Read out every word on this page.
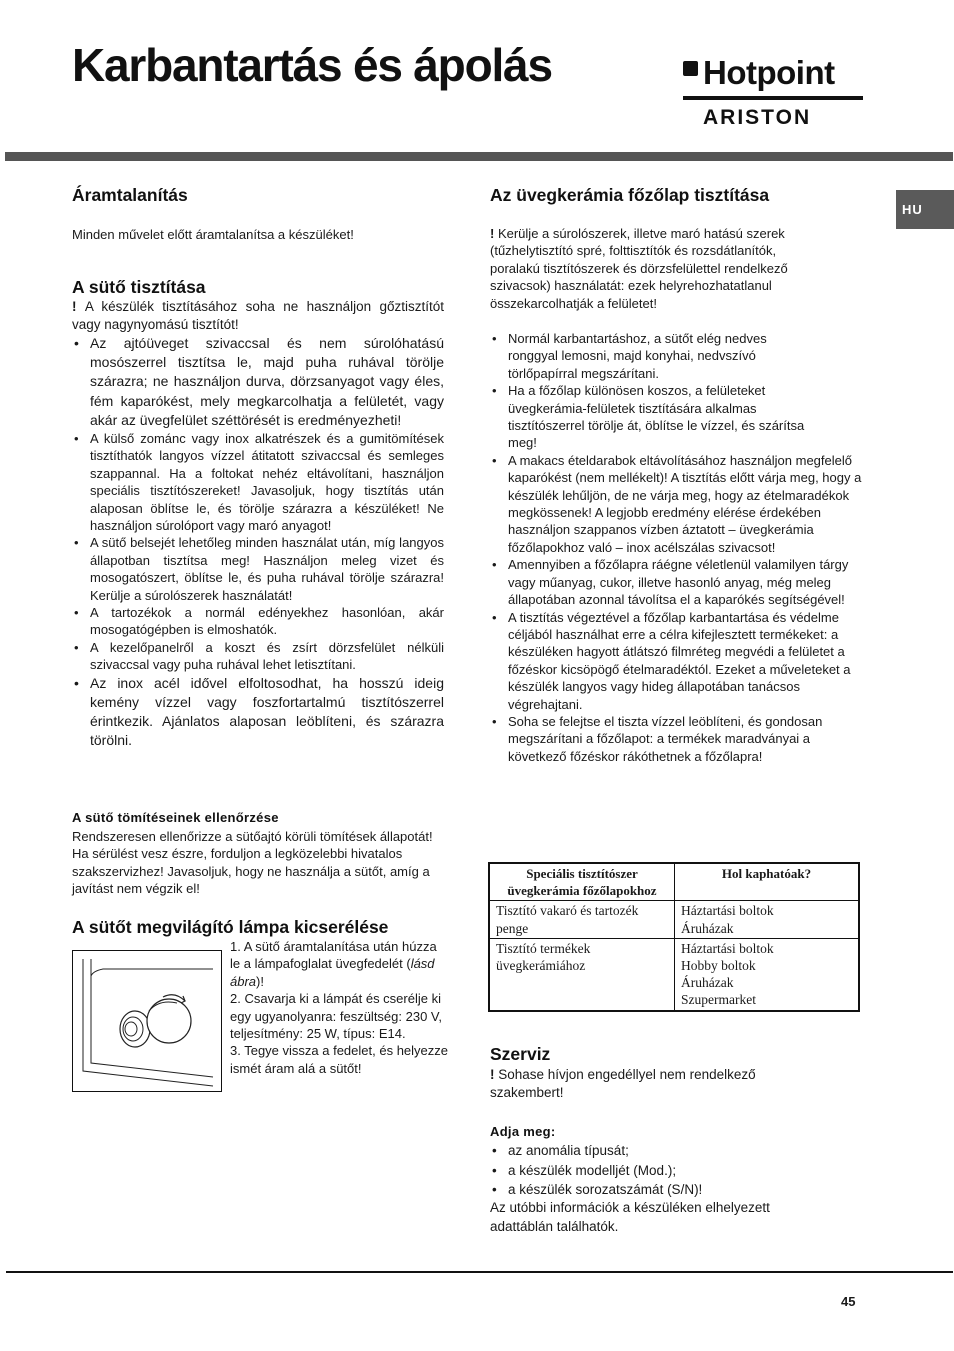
Karbantartás és ápolás	Hotpoint
ARISTON
HU
Áramtalanítás

Minden művelet előtt áramtalanítsa a készüléket!

A sütő tisztítása
! A készülék tisztításához soha ne használjon gőztisztítót vagy nagynyomású tisztítót!
• Az ajtóüveget szivaccsal és nem súrolóhatású mosószerrel tisztítsa le, majd puha ruhával törölje szárazra; ne használjon durva, dörzsanyagot vagy éles, fém kaparókést, mely megkarcolhatja a felületét, vagy akár az üvegfelület széttörését is eredményezheti!
• A külső zománc vagy inox alkatrészek és a gumitömítések tisztíthatók langyos vízzel átitatott szivaccsal és semleges szappannal. Ha a foltokat nehéz eltávolítani, használjon speciális tisztítószereket! Javasoljuk, hogy tisztítás után alaposan öblítse le, és törölje szárazra a készüléket! Ne használjon súrolóport vagy maró anyagot!
• A sütő belsejét lehetőleg minden használat után, míg langyos állapotban tisztítsa meg! Használjon meleg vizet és mosogatószert, öblítse le, és puha ruhával törölje szárazra! Kerülje a súrolószerek használatát!
• A tartozékok a normál edényekhez hasonlóan, akár mosogatógépben is elmoshatók.
• A kezelőpanelről a koszt és zsírt dörzsfelület nélküli szivaccsal vagy puha ruhával lehet letisztítani.
• Az inox acél idővel elfoltosodhat, ha hosszú ideig kemény vízzel vagy foszfortartalmú tisztítószerrel érintkezik. Ajánlatos alaposan leöblíteni, és szárazra törölni.
A sütő tömítéseinek ellenőrzése

Rendszeresen ellenőrizze a sütőajtó körüli tömítések állapotát! Ha sérülést vesz észre, forduljon a legközelebbi hivatalos szakszervizhez! Javasoljuk, hogy ne használja a sütőt, amíg a javítást nem végzik el!

A sütőt megvilágító lámpa kicserélése
1. A sütő áramtalanítása után húzza le a lámpafoglalat üvegfedelét (lásd ábra)!
2. Csavarja ki a lámpát és cserélje ki egy ugyanolyanra: feszültség: 230 V, teljesítmény: 25 W, típus: E14.
3. Tegye vissza a fedelet, és helyezze ismét áram alá a sütőt!
Az üvegkerámia főzőlap tisztítása
! Kerülje a súrolószerek, illetve maró hatású szerek (tűzhelytisztító spré, folttisztítók és rozsdátlanítók, poralakú tisztítószerek és dörzsfelülettel rendelkező szivacsok) használatát: ezek helyrehozhatatlanul összekarcolhatják a felületet!
• Normál karbantartáshoz, a sütőt elég nedves ronggyal lemosni, majd konyhai, nedvszívó törlőpapírral megszárítani.
• Ha a főzőlap különösen koszos, a felületeket üvegkerámia-felületek tisztítására alkalmas tisztítószerrel törölje át, öblítse le vízzel, és szárítsa meg!
• A makacs ételdarabok eltávolításához használjon megfelelő kaparókést (nem mellékelt)! A tisztítás előtt várja meg, hogy a készülék lehűljön, de ne várja meg, hogy az ételmaradékok megkössenek! A legjobb eredmény elérése érdekében használjon szappanos vízben áztatott – üvegkerámia főzőlapokhoz való – inox acélszálas szivacsot!
• Amennyiben a főzőlapra ráégne véletlenül valamilyen tárgy vagy műanyag, cukor, illetve hasonló anyag, még meleg állapotában azonnal távolítsa el a kaparókés segítségével!
• A tisztítás végeztével a főzőlap karbantartása és védelme céljából használhat erre a célra kifejlesztett termékeket: a készüléken hagyott átlátszó filmréteg megvédi a felületet a főzéskor kicsöpögő ételmaradéktól. Ezeket a műveleteket a készülék langyos vagy hideg állapotában tanácsos végrehajtani.
• Soha se felejtse el tiszta vízzel leöblíteni, és gondosan megszárítani a főzőlapot: a termékek maradványai a következő főzéskor rákóthetnek a főzőlapra!
Speciális tisztítószer üvegkerámia főzőlapokhoz	Hol kaphatóak?
Tisztító vakaró és tartozék penge	Háztartási boltok
Áruházak

Tisztító termékek üvegkerámiához	Háztartási boltok
Hobby boltok
Áruházak
Szupermarket
Szerviz
! Sohase hívjon engedéllyel nem rendelkező szakembert!
Adja meg:
• az anomália típusát;
• a készülék modelljét (Mod.);
• a készülék sorozatszámát (S/N)!

Az utóbbi információk a készüléken elhelyezett adattáblán találhatók.

45
